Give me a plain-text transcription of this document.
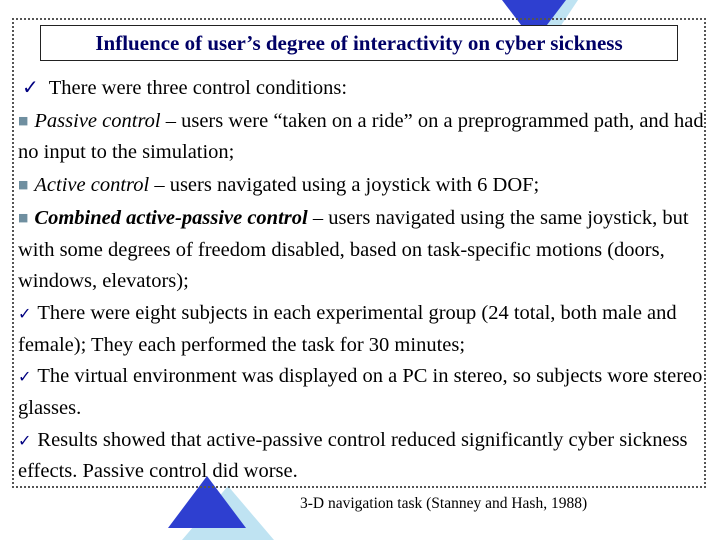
Influence of user’s degree of interactivity on cyber sickness

✓ There were three control conditions:

■ Passive control – users were “taken on a ride” on a preprogrammed path, and had no input to the simulation;

■ Active control – users navigated using a joystick with 6 DOF;

■ Combined active-passive control – users navigated using the same joystick, but with some degrees of freedom disabled, based on task-specific motions (doors, windows, elevators);

✓ There were eight subjects in each experimental group (24 total, both male and female); They each performed the task for 30 minutes;

✓ The virtual environment was displayed on a PC in stereo, so subjects wore stereo glasses.

✓ Results showed that active-passive control reduced significantly cyber sickness effects. Passive control did worse.

3-D navigation task (Stanney and Hash, 1988)
